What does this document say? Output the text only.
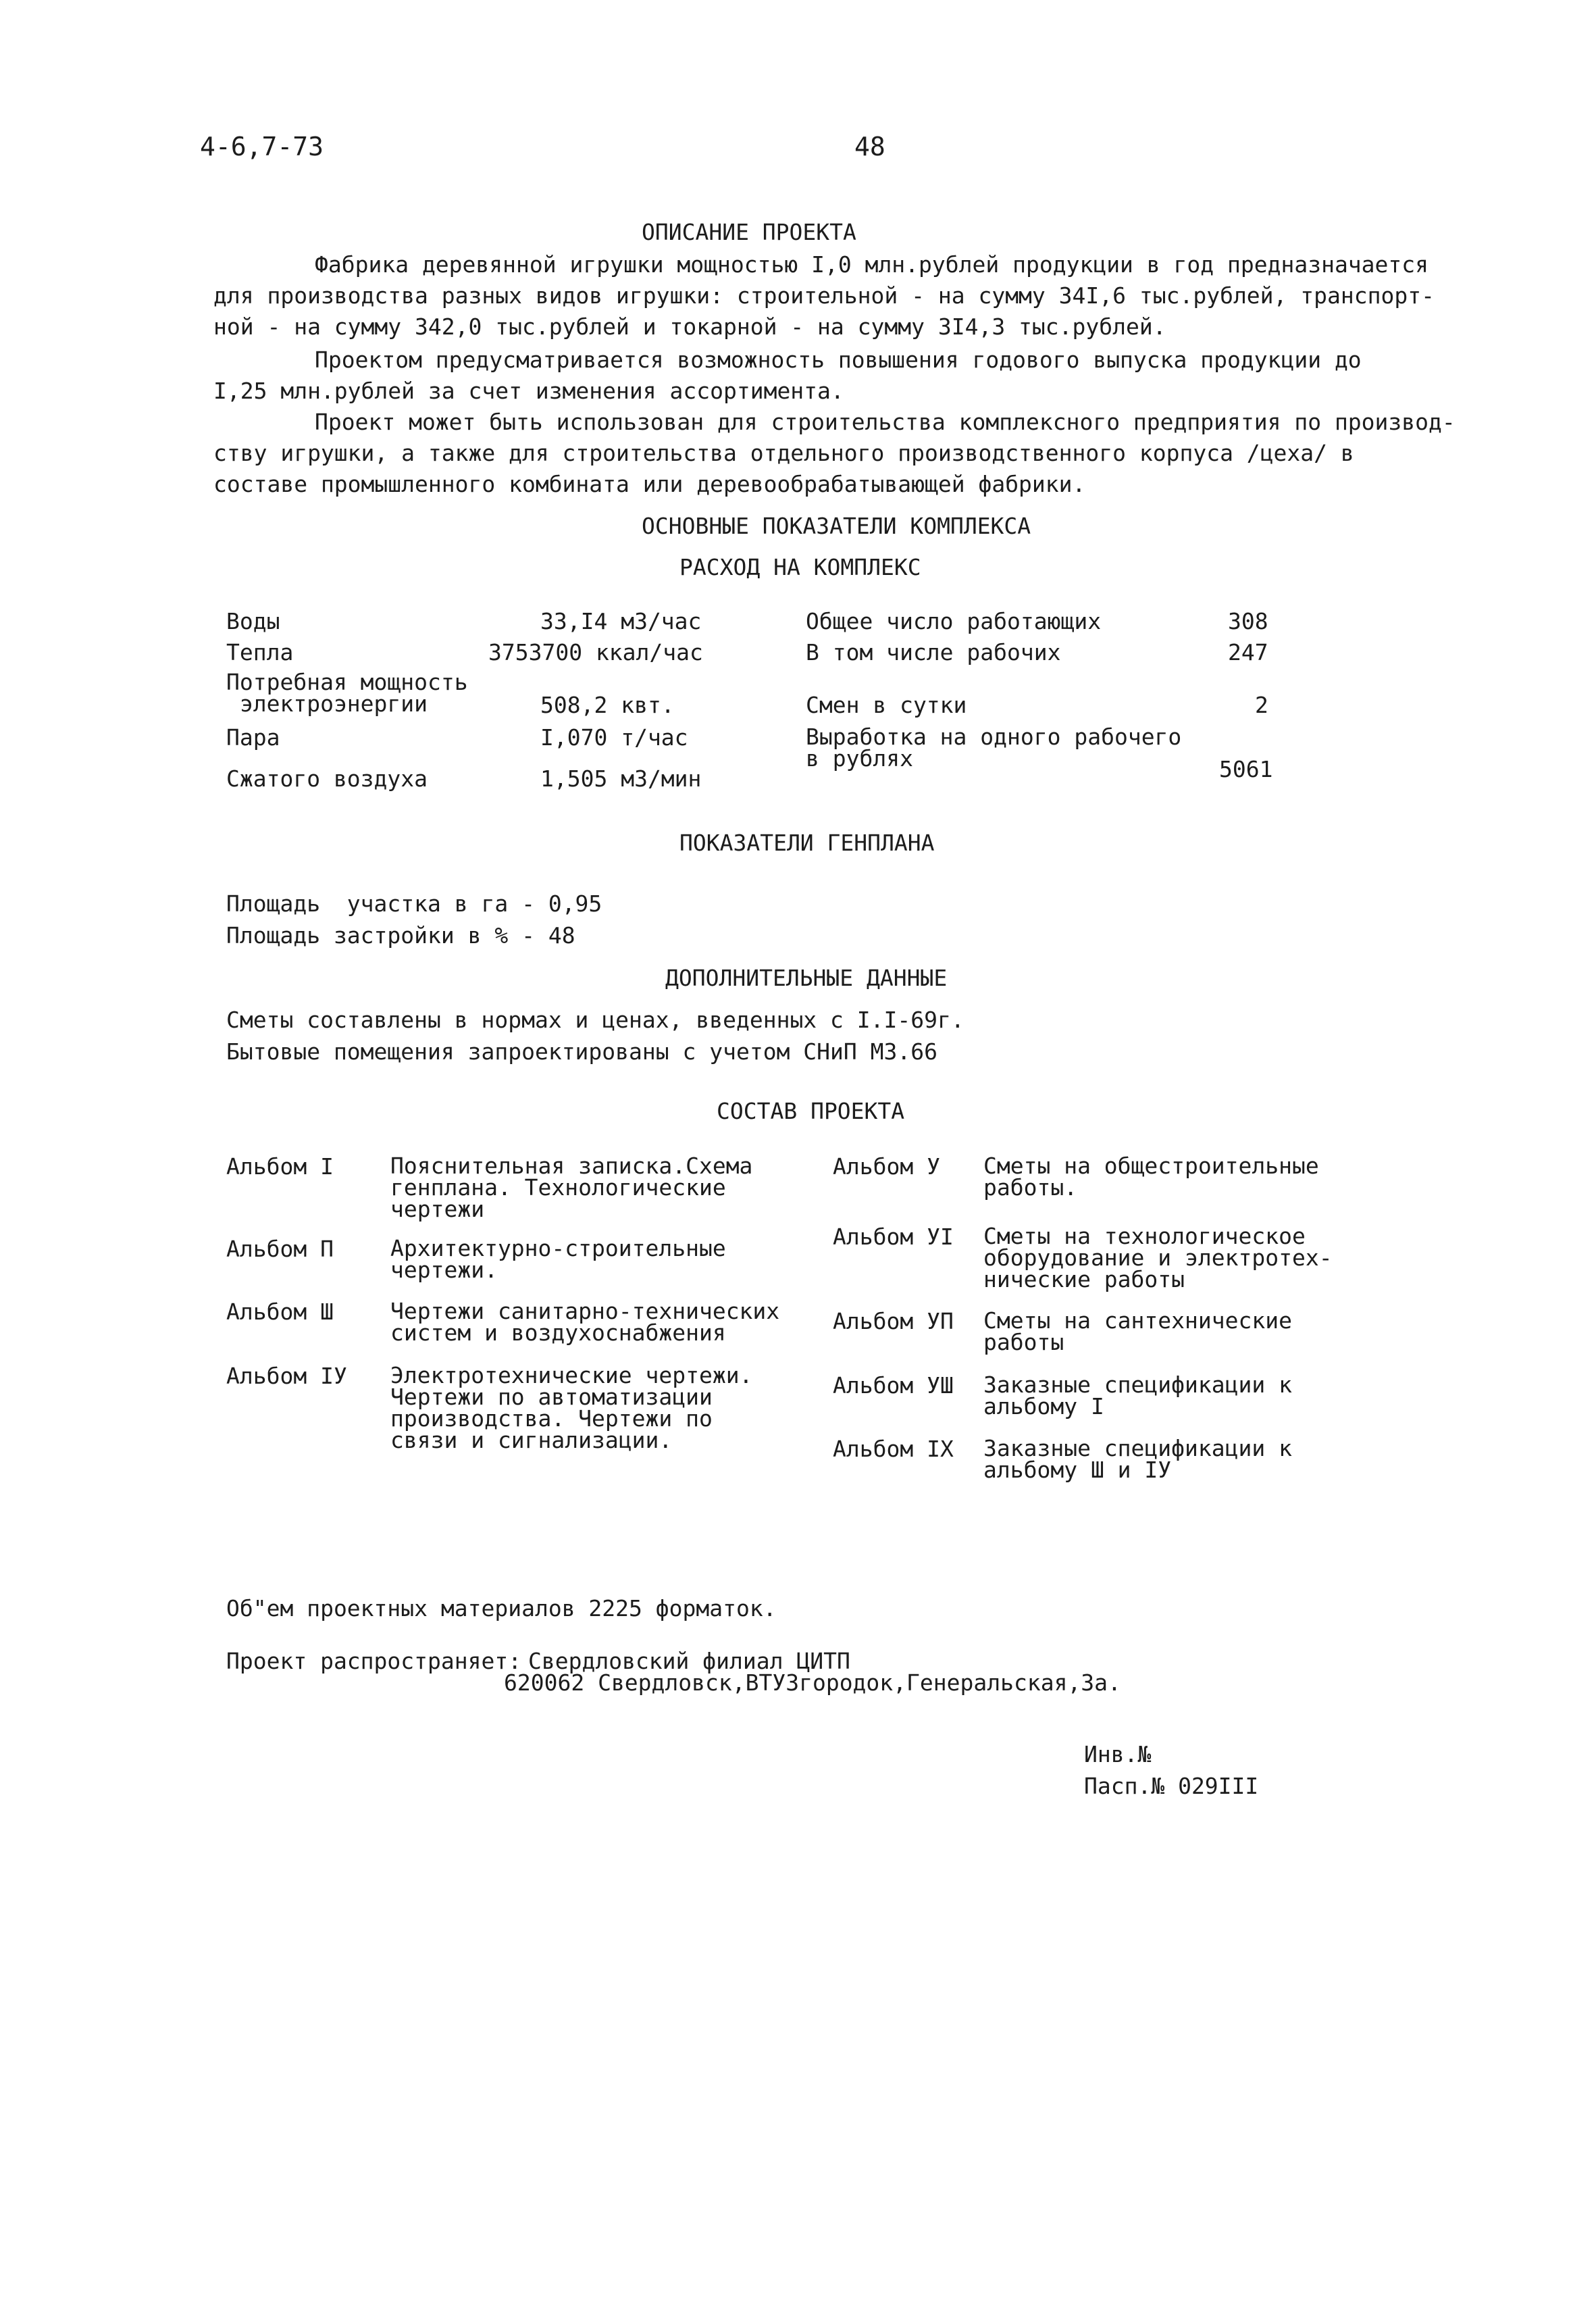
4-6,7-73	48
ОПИСАНИЕ ПРОЕКТА
Фабрика деревянной игрушки мощностью I,0 млн.рублей продукции в год предназначается
для производства разных видов игрушки: строительной - на сумму 34I,6 тыс.рублей, транспорт-
ной - на сумму 342,0 тыс.рублей и токарной - на сумму 3I4,3 тыс.рублей.
Проектом предусматривается возможность повышения годового выпуска продукции до
I,25 млн.рублей за счет изменения ассортимента.
Проект может быть использован для строительства комплексного предприятия по производ-
ству игрушки, а также для строительства отдельного производственного корпуса /цеха/ в
составе промышленного комбината или деревообрабатывающей фабрики.
ОСНОВНЫЕ ПОКАЗАТЕЛИ КОМПЛЕКСА
РАСХОД НА КОМПЛЕКС
Воды	33,I4 м3/час
Тепла	3753700 ккал/час
Потребная мощность
электроэнергии	508,2 квт.
Пара	I,070 т/час
Сжатого воздуха	1,505 м3/мин
Общее число работающих	308
В том числе рабочих	247
Смен в сутки	2
Выработка на одного рабочего
в рублях	5061
ПОКАЗАТЕЛИ ГЕНПЛАНА
Площадь  участка в га - 0,95
Площадь застройки в % - 48
ДОПОЛНИТЕЛЬНЫЕ ДАННЫЕ
Сметы составлены в нормах и ценах, введенных с I.I-69г.
Бытовые помещения запроектированы с учетом СНиП М3.66
СОСТАВ ПРОЕКТА
Альбом I	Пояснительная записка.Схема
генплана. Технологические
чертежи
Альбом П	Архитектурно-строительные
чертежи.
Альбом Ш	Чертежи санитарно-технических
систем и воздухоснабжения
Альбом IУ Электротехнические чертежи.
Чертежи по автоматизации
производства. Чертежи по
связи и сигнализации.
Альбом У Сметы на общестроительные
работы.
Альбом УI Сметы на технологическое
оборудование и электротех-
нические работы
Альбом УП Сметы на сантехнические
работы
Альбом УШ Заказные спецификации к
альбому I
Альбом IX Заказные спецификации к
альбому Ш и IУ
Об"ем проектных материалов 2225 форматок.
Проект распространяет: Свердловский филиал ЦИТП
620062 Свердловск,ВТУЗгородок,Генеральская,3а.
Инв.№
Пасп.№ 029III
